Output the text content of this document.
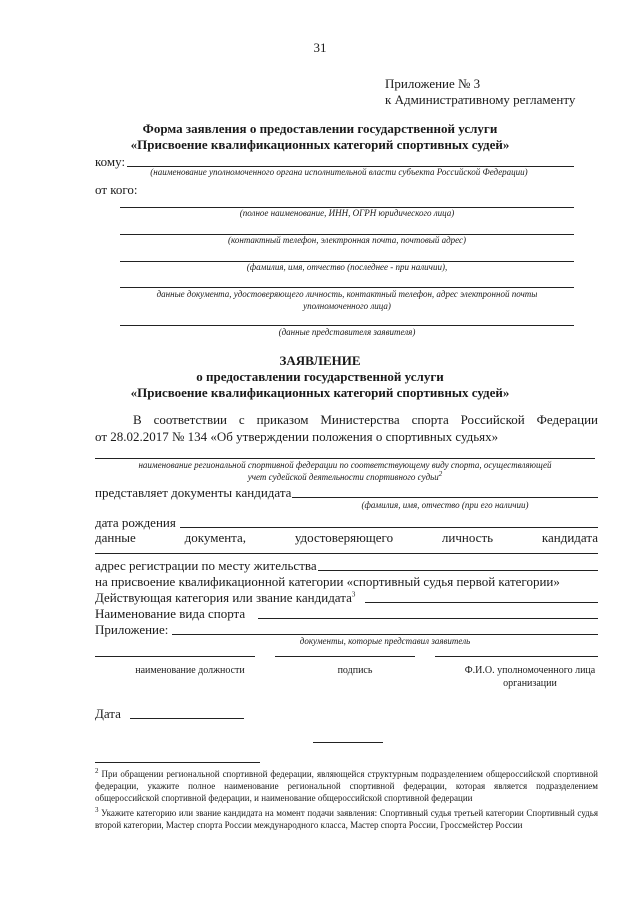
31
Приложение № 3
к Административному регламенту
Форма заявления о предоставлении государственной услуги
«Присвоение квалификационных категорий спортивных судей»
кому:
(наименование уполномоченного органа исполнительной власти субъекта Российской Федерации)
от кого:
(полное наименование, ИНН, ОГРН юридического лица)
(контактный телефон, электронная почта, почтовый адрес)
(фамилия, имя, отчество (последнее - при наличии),
данные документа, удостоверяющего личность, контактный телефон, адрес электронной почты
уполномоченного лица)
(данные представителя заявителя)
ЗАЯВЛЕНИЕ
о предоставлении государственной услуги
«Присвоение квалификационных категорий спортивных судей»
В соответствии с приказом Министерства спорта Российской Федерации
от 28.02.2017 № 134 «Об утверждении положения о спортивных судьях»
наименование региональной спортивной федерации по соответствующему виду спорта, осуществляющей
учет судейской деятельности спортивного судьи$^2$
представляет документы кандидата
(фамилия, имя, отчество (при его наличии)
дата рождения
данные	документа,	удостоверяющего	личность	кандидата
адрес регистрации по месту жительства
на присвоение квалификационной категории «спортивный судья первой категории»
Действующая категория или звание кандидата$^3$
Наименование вида спорта
Приложение:
документы, которые представил заявитель
наименование должности	подпись	Ф.И.О. уполномоченного лица
организации
Дата
$^2$ При обращении региональной спортивной федерации, являющейся структурным подразделением общероссийской спортивной федерации, укажите полное наименование региональной спортивной федерации, которая является подразделением общероссийской спортивной федерации, и наименование общероссийской спортивной федерации
$^3$ Укажите категорию или звание кандидата на момент подачи заявления: Спортивный судья третьей категории Спортивный судья второй категории, Мастер спорта России международного класса, Мастер спорта России, Гроссмейстер России
